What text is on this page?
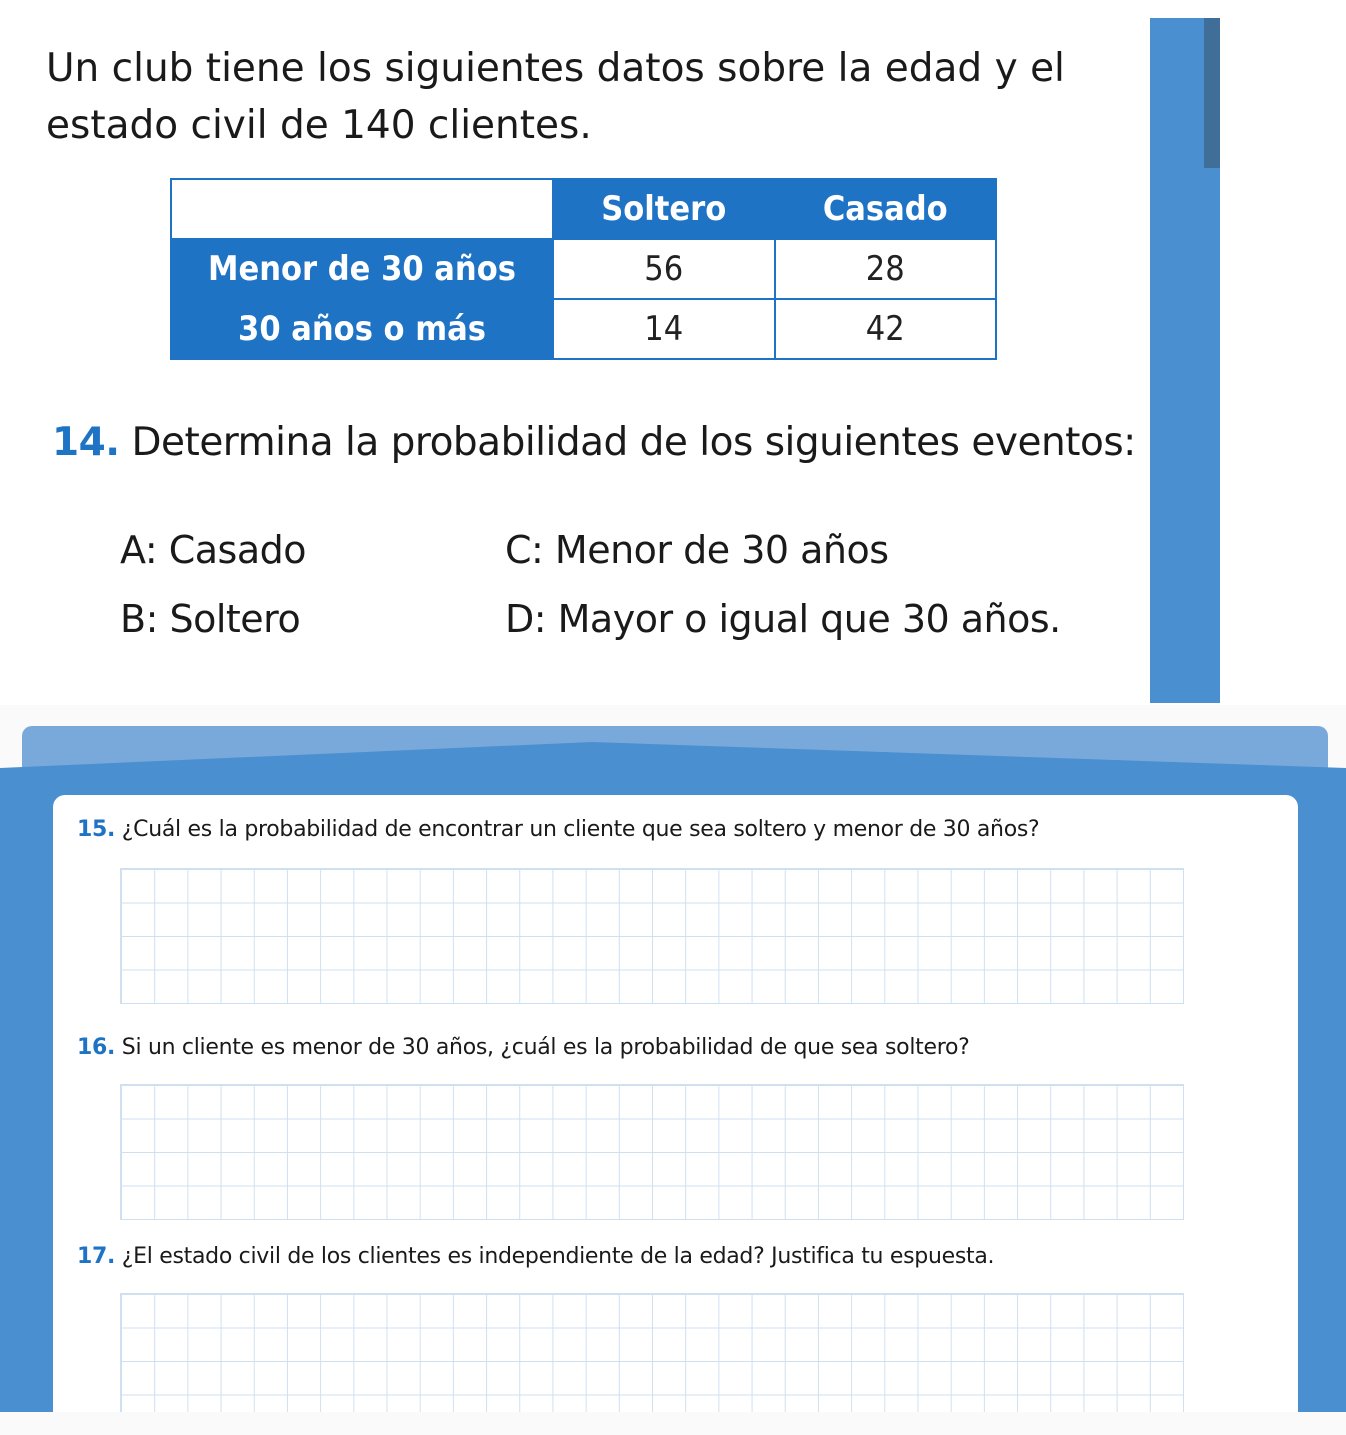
Un club tiene los siguientes datos sobre la edad y el estado civil de 140 clientes.

	Soltero	Casado
Menor de 30 años	56	28
30 años o más	14	42
14. Determina la probabilidad de los siguientes eventos:
A: Casado	C: Menor de 30 años
B: Soltero	D: Mayor o igual que 30 años.
15. ¿Cuál es la probabilidad de encontrar un cliente que sea soltero y menor de 30 años?
16. Si un cliente es menor de 30 años, ¿cuál es la probabilidad de que sea soltero?
17. ¿El estado civil de los clientes es independiente de la edad? Justifica tu espuesta.
